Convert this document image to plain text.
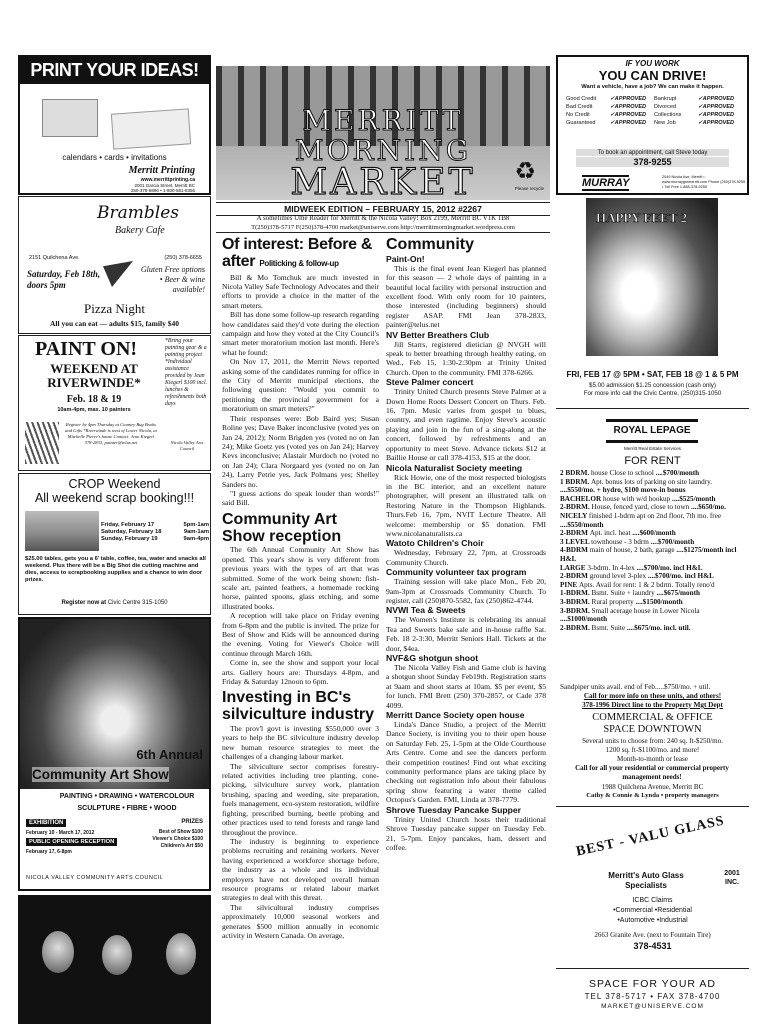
PRINT YOUR IDEAS!
calendars • cards • invitations
Merritt Printing
www.merrittprinting.ca
2001 Garcia Street, Merritt BC
250-378-6896 • 1-800-581-8356
Brambles
Bakery Cafe
2151 Quilchena Ave.	(250) 378-6655
Saturday, Feb 18th, doors 5pm
Gluten Free options • Beer & wine available!
Pizza Night
All you can eat — adults $15, family $40
PAINT ON!
WEEKEND AT RIVERWINDE*
Feb. 18 & 19
10am-4pm, max. 10 painters
*Bring your painting gear & a painting project *Individual assistance provided by Jean Kiegerl $100 incl. lunches & refreshments both days
Register by 4pm Thursday at Country Bug Books and Gifts *Riverwinde is west of Lower Nicola, at Mitchelle Pierre's house Contact: Jean Kiegerl 378-2833, painter@telus.net	Nicola Valley Arts Council
CROP Weekend
All weekend scrap booking!!!
Friday, February 17	5pm-1am
Saturday, February 18	9am-1am
Sunday, February 19	9am-4pm
$25.00 tables, gets you a 6' table, coffee, tea, water and snacks all weekend. Plus there will be a Big Shot die cutting machine and dies, access to scrapbooking supplies and a chance to win door prizes.
Register now at Civic Centre 315-1050
6th Annual
Community Art Show
PAINTING • DRAWING • WATERCOLOUR SCULPTURE • FIBRE • WOOD
EXHIBITION
February 10 - March 17, 2012
PUBLIC OPENING RECEPTION
February 17, 6-8pm
PRIZES
Best of Show $100 Viewer's Choice $100 Children's Art $50
NICOLA VALLEY COMMUNITY ARTS COUNCIL
MERRITT
MORNING
MARKET	♻
Please recycle
MIDWEEK EDITION – FEBRUARY 15, 2012 #2267
A sometimes Ume Reader for Merritt & the Nicola Valley! Box 2199, Merritt BC V1K 1B8
T(250)378-5717 F(250)378-4700 market@uniserve.com http://merrittmorningmarket.wordpress.com
Of interest: Before & after Politicking & follow-up

Bill & Mo Tomchuk are much invested in Nicola Valley Safe Technology Advocates and their efforts to provide a choice in the matter of the smart meters.

Bill has done some follow-up research regarding how candidates said they'd vote during the election campaign and how they voted at the City Council's smart meter moratorium motion last month. Here's what he found:

On Nov 17, 2011, the Merritt News reported asking some of the candidates running for office in the City of Merritt municipal elections, the following question: "Would you commit to petitioning the provincial government for a moratorium on smart meters?"

Their responses were: Bob Baird yes; Susan Roline yes; Dave Baker inconclusive (voted yes on Jan 24, 2012); Norm Brigden yes (voted no on Jan 24); Mike Goetz yes (voted yes on Jan 24); Harvey Kevs inconclusive; Alastair Murdoch no (voted no on Jan 24); Clara Norgaard yes (voted no on Jan 24), Larry Petrie yes, Jack Polmans yes; Shelley Sanders no.

"I guess actions do speak louder than words!" said Bill.

Community Art Show reception

The 6th Annual Community Art Show has opened. This year's show is very different from previous years with the types of art that was submitted. Some of the work being shown: fish-scale art, painted feathers, a homemade rocking horse, painted spoons, glass etching, and some illustrated books.

A reception will take place on Friday evening from 6-8pm and the public is invited. The prize for Best of Show and Kids will be announced during the evening. Voting for Viewer's Choice will continue through March 16th.

Come in, see the show and support your local arts. Gallery hours are: Thursdays 4-8pm, and Friday & Saturday 12noon to 6pm.

Investing in BC's silviculture industry

The prov'l govt is investing $550,000 over 3 years to help the BC silviculture industry develop new human resource strategies to meet the challenges of a changing labour market.

The silviculture sector comprises forestry-related activities including tree planting, cone-picking, silviculture survey work, plantation brushing, spacing and weeding, site preparation, fuels management, eco-system restoration, wildfire fighting, prescribed burning, beetle probing and other practices used to tend forests and range land throughout the province.

The industry is beginning to experience problems recruiting and retaining workers. Never having experienced a workforce shortage before, the industry as a whole and its individual employers have not developed overall human resource programs or related labour market strategies to deal with this threat.

The silvicultural industry comprises approximately 10,000 seasonal workers and generates $500 million annually in economic activity in Western Canada. On average,

Community
Paint-On!

This is the final event Jean Kiegerl has planned for this season — 2 whole days of painting in a beautiful local facility with personal instruction and excellent food. With only room for 10 painters, those interested (including beginners) should register ASAP. FMI Jean 378-2833, painter@telus.net

NV Better Breathers Club

Jill Starrs, registered dietician @ NVGH will speak to better breathing through healthy eating, on Wed., Feb 15, 1:30-2:30pm at Trinity United Church. Open to the community. FMI 378-6266.

Steve Palmer concert

Trinity United Church presents Steve Palmer at a Down Home Roots Dessert Concert on Thurs. Feb. 16, 7pm. Music varies from gospel to blues, country, and even ragtime. Enjoy Steve's acoustic playing and join in the fun of a sing-along at the concert, followed by refreshments and an opportunity to meet Steve. Advance tickets $12 at Baillie House or call 378-4153, $15 at the door.

Nicola Naturalist Society meeting

Rick Howie, one of the most respected biologists in the BC interior, and an excellent nature photographer, will present an illustrated talk on Restoring Nature in the Thompson Highlands. Thurs.Feb 16, 7pm, NVIT Lecture Theatre. All welcome: membership or $5 donation. FMI www.nicolanaturalists.ca

Watoto Children's Choir

Wednesday, February 22, 7pm, at Crossroads Community Church.

Community volunteer tax program

Training session will take place Mon., Feb 20, 9am-3pm at Crossroads Community Church. To register, call (250)870-5582, fax (250)862-4744.

NVWI Tea & Sweets

The Women's Institute is celebrating its annual Tea and Sweets bake sale and in-house raffle Sat. Feb. 18 2-3:30, Merritt Seniors Hall. Tickets at the door, $4ea.

NVF&G shotgun shoot

The Nicola Valley Fish and Game club is having a shotgun shoot Sunday Feb19th. Registration starts at 9aam and shoot starts at 10am. $5 per event, $5 for lunch. FMI Brett (250) 370-2857, or Cade 378 4099.

Merritt Dance Society open house

Linda's Dance Studio, a project of the Merritt Dance Society, is inviting you to their open house on Saturday Feb. 25, 1-5pm at the Olde Courthouse Arts Centre. Come and see the dancers perform their competition routines! Find out what exciting community performance plans are taking place by checking out registration info about their fabulous spring show featuring a water theme called Octopus's Garden. FMI, Linda at 378-7779.

Shrove Tuesday Pancake Supper

Trinity United Church hosts their traditional Shrove Tuesday pancake supper on Tuesday Feb. 21, 5-7pm. Enjoy pancakes, ham, dessert and coffee.

IF YOU WORK
YOU CAN DRIVE!
Want a vehicle, have a job? We can make it happen.
Good Credit	✓APPROVED	Bankrupt	✓APPROVED
Bad Credit	✓APPROVED	Divorced	✓APPROVED
No Credit	✓APPROVED	Collections	✓APPROVED
Guaranteed	✓APPROVED	New Job	✓APPROVED
To book an appointment, call Steve today
378-9255
MURRAY	2049 Nicola Ave, Merritt • www.murraygmmerritt.com Phone (250)378-9255 • Toll Free 1-888-378-9255
HAPPY FEET 2
FRI, FEB 17 @ 5PM • SAT, FEB 18 @ 1 & 5 PM
$5.00 admission $1.25 concession (cash only)
For more info call the Civic Centre, (250)315-1050
ROYAL LEPAGE
Merritt Real Estate Services
FOR RENT
2 BDRM. house Close to school ....$700/month
1 BDRM. Apt. bonus lots of parking on site laundry. ....$550/mo. + hydro, $100 move-in bonus
BACHELOR house with w/d hookup ....$525/month
2-BDRM. House, fenced yard, close to town ....$650/mo.
NICELY finished 1-bdrm apt on 2nd floor, 7th mo. free ....$550/month
2-BDRM Apt. incl. heat ....$600/month
3 LEVEL townhouse - 3 bdrm ....$700/month
4-BDRM main of house, 2 bath, garage ....$1275/month incl H&L
LARGE 3-bdrm. In 4-lex ....$700/mo. incl H&L
2-BDRM ground level 3-plex ....$700/mo. incl H&L
PINE Apts. Avail for rent: 1 & 2 bdrm. Totally reno'd
1-BDRM. Bsmt. Suite + laundry ....$675/month
3-BDRM. Rural property ....$1500/month
3-BDRM. Small acerage house in Lower Nicola ....$1000/month
2-BDRM. Bsmt. Suite ....$675/mo. incl. util.
Sandpiper units avail. end of Feb.....$750/mo. + util.
Call for more info on these units, and others!
378-1996 Direct line to the Property Mgt Dept
COMMERCIAL & OFFICE SPACE DOWNTOWN
Several units to choose from: 240 sq. ft-$250/mo.
1200 sq. ft-$1100/mo. and more!
Month-to-month or lease
Call for all your residential or commercial property management needs!
1988 Quilchena Avenue, Merritt BC
Cathy & Connie & Lynda • property managers
BEST - VALU GLASS
Merritt's Auto Glass Specialists
2001 INC.
ICBC Claims
•Commercial •Residential
•Automotive •Industrial
2663 Granite Ave. (next to Fountain Tire)
378-4531
SPACE FOR YOUR AD
TEL 378-5717 • FAX 378-4700
MARKET@UNISERVE.COM
